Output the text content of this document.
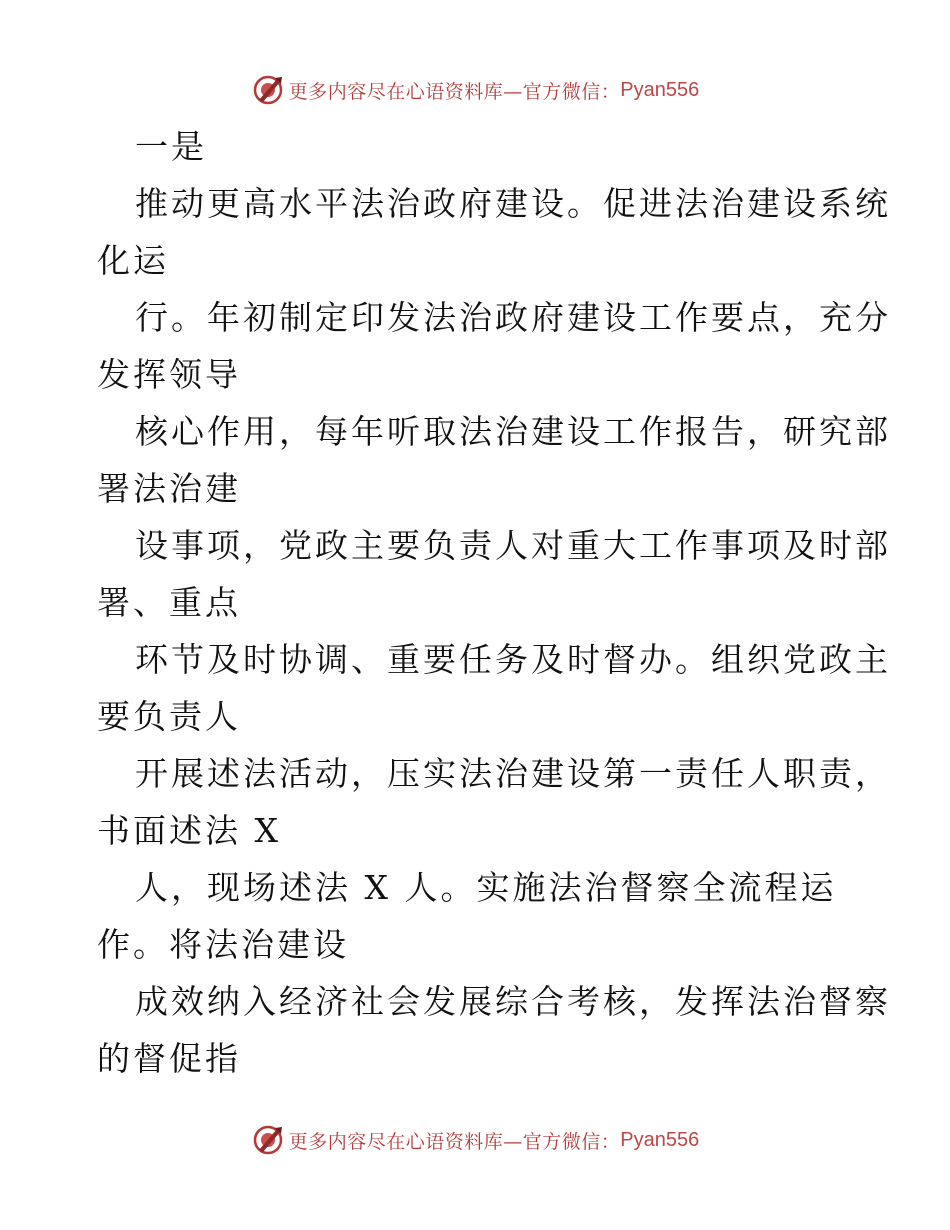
更多内容尽在心语资料库—官方微信： Pyan556
一是
推动更高水平法治政府建设。促进法治建设系统
化运
行。年初制定印发法治政府建设工作要点，充分
发挥领导
核心作用，每年听取法治建设工作报告，研究部
署法治建
设事项，党政主要负责人对重大工作事项及时部
署、重点
环节及时协调、重要任务及时督办。组织党政主
要负责人
开展述法活动，压实法治建设第一责任人职责，
书面述法 X
人，现场述法 X 人。实施法治督察全流程运
作。将法治建设
成效纳入经济社会发展综合考核，发挥法治督察
的督促指
更多内容尽在心语资料库—官方微信： Pyan556
